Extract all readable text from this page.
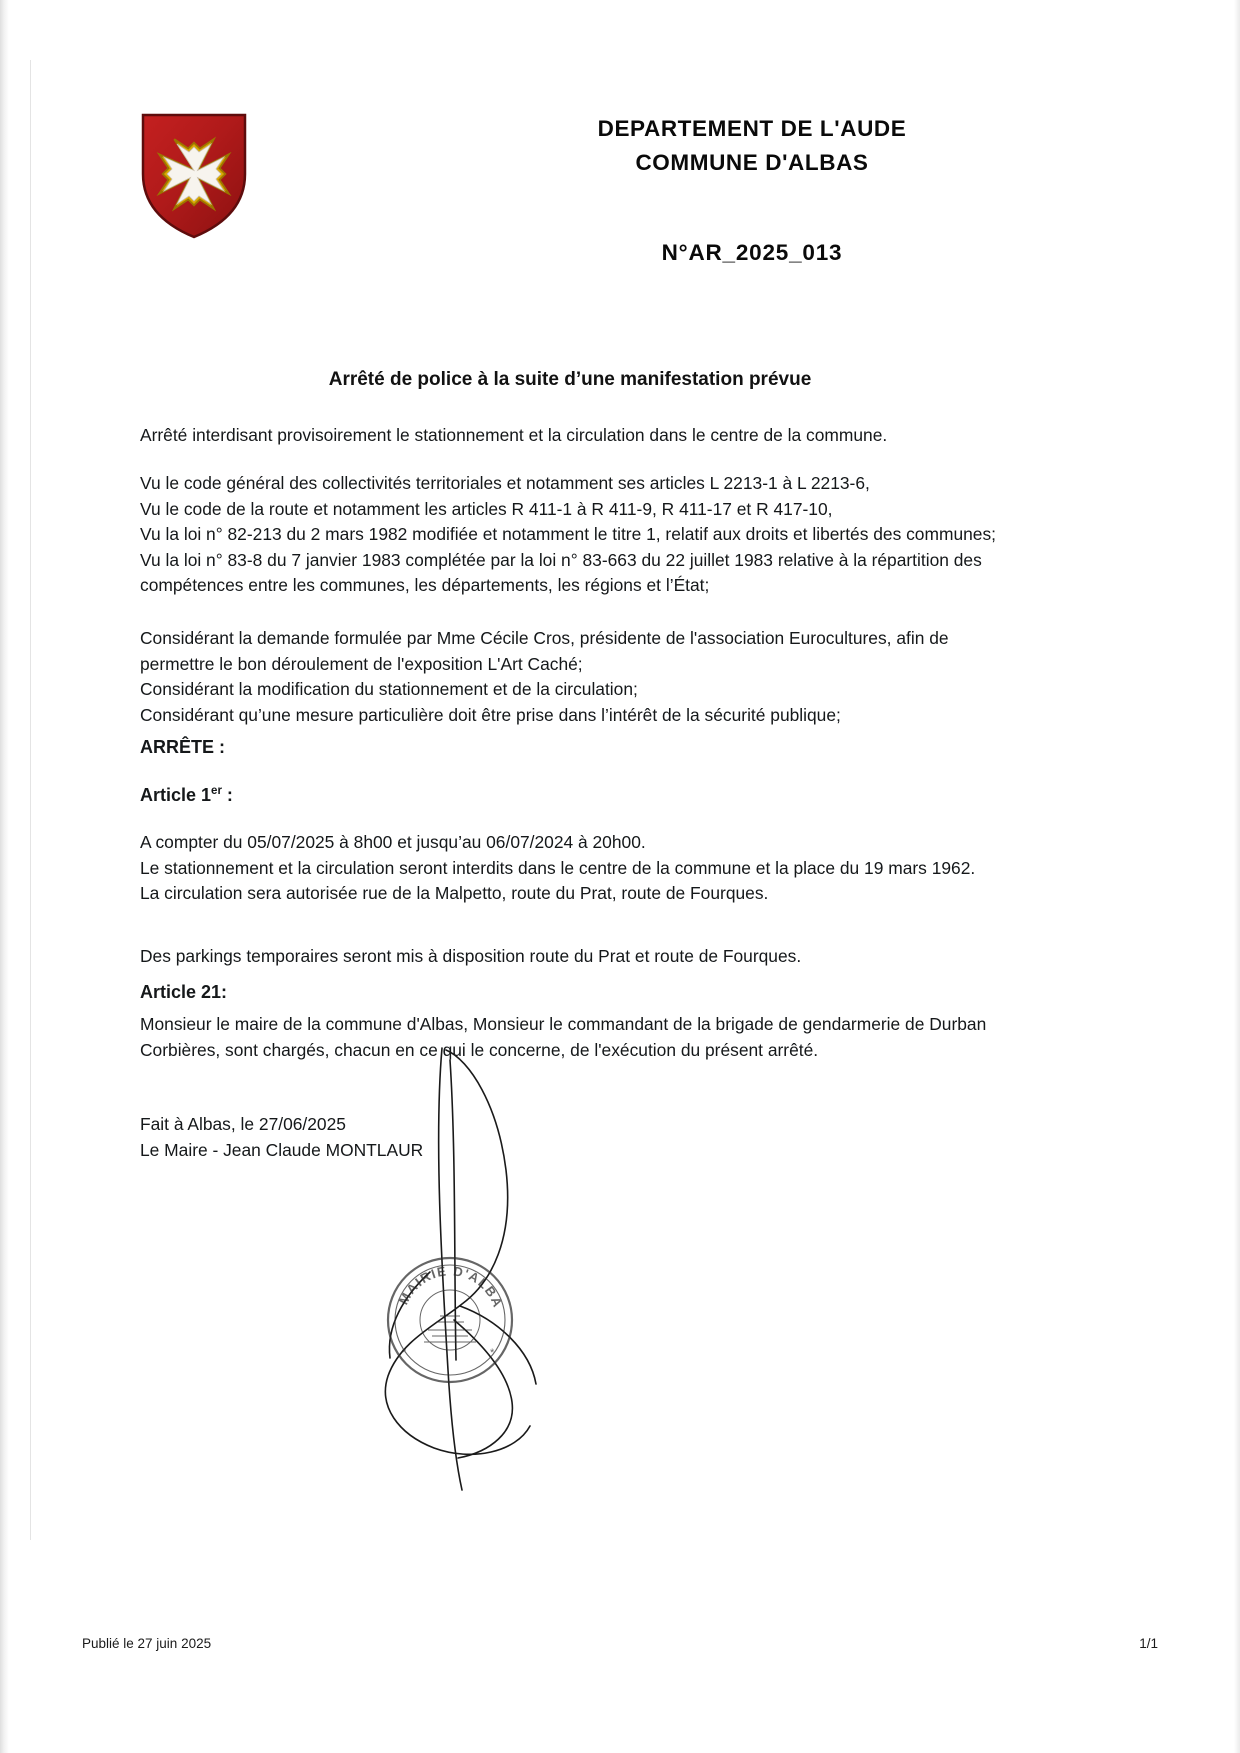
DEPARTEMENT DE L'AUDE
COMMUNE D'ALBAS
N°AR_2025_013
Arrêté de police à la suite d’une manifestation prévue

Arrêté interdisant provisoirement le stationnement et la circulation dans le centre de la commune.

Vu le code général des collectivités territoriales et notamment ses articles L 2213-1 à L 2213-6,

Vu le code de la route et notamment les articles R 411-1 à R 411-9, R 411-17 et R 417-10,

Vu la loi n° 82-213 du 2 mars 1982 modifiée et notamment le titre 1, relatif aux droits et libertés des communes;

Vu la loi n° 83-8 du 7 janvier 1983 complétée par la loi n° 83-663 du 22 juillet 1983 relative à la répartition des compétences entre les communes, les départements, les régions et l’État;

Considérant la demande formulée par Mme Cécile Cros, présidente de l'association Eurocultures, afin de permettre le bon déroulement de l'exposition L'Art Caché;

Considérant la modification du stationnement et de la circulation;

Considérant qu’une mesure particulière doit être prise dans l’intérêt de la sécurité publique;

ARRÊTE :

Article 1er :

A compter du 05/07/2025 à 8h00 et jusqu’au 06/07/2024 à 20h00.

Le stationnement et la circulation seront interdits dans le centre de la commune et la place du 19 mars 1962.

La circulation sera autorisée rue de la Malpetto, route du Prat, route de Fourques.

Des parkings temporaires seront mis à disposition route du Prat et route de Fourques.

Article 21:

Monsieur le maire de la commune d'Albas, Monsieur le commandant de la brigade de gendarmerie de Durban Corbières, sont chargés, chacun en ce qui le concerne, de l'exécution du présent arrêté.

Fait à Albas, le 27/06/2025

Le Maire - Jean Claude MONTLAUR

MAIRIE D'ALBAS
*	*
Publié le 27 juin 2025	1/1
